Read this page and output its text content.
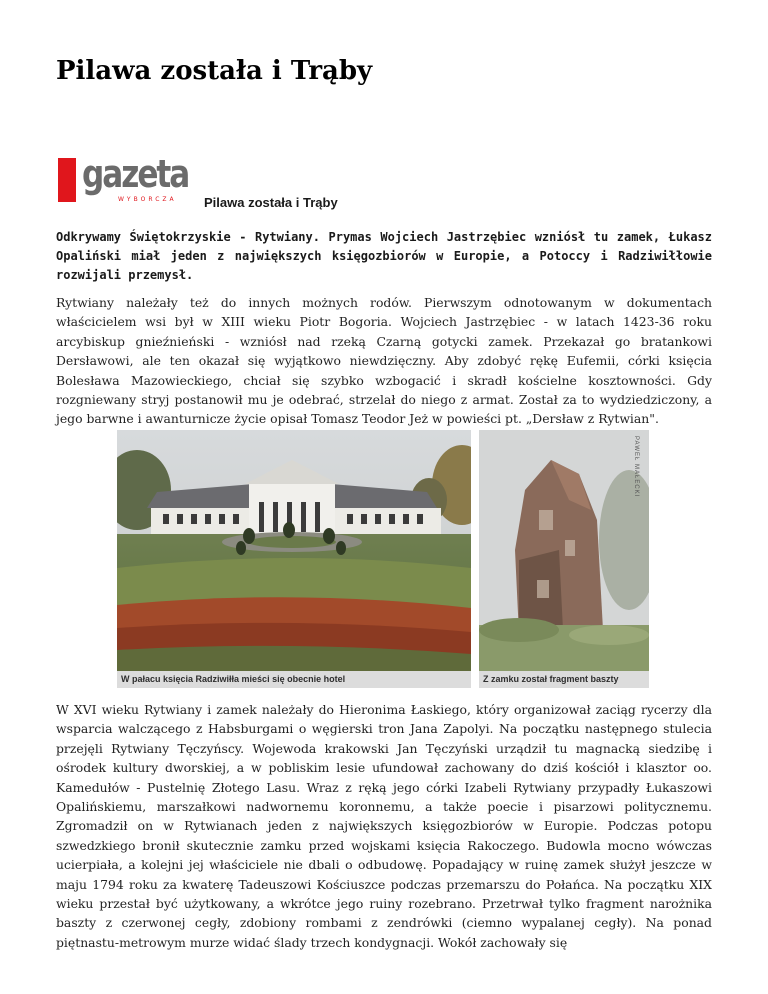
Pilawa została i Trąby
gazeta
WYBORCZA Pilawa została i Trąby

Odkrywamy Świętokrzyskie - Rytwiany. Prymas Wojciech Jastrzębiec wzniósł tu zamek, Łukasz Opaliński miał jeden z największych księgozbiorów w Europie, a Potoccy i Radziwiłłowie rozwijali przemysł.

Rytwiany należały też do innych możnych rodów. Pierwszym odnotowanym w dokumentach właścicielem wsi był w XIII wieku Piotr Bogoria. Wojciech Jastrzębiec - w latach 1423-36 roku arcybiskup gnieźnieński - wzniósł nad rzeką Czarną gotycki zamek. Przekazał go bratankowi Dersławowi, ale ten okazał się wyjątkowo niewdzięczny. Aby zdobyć rękę Eufemii, córki księcia Bolesława Mazowieckiego, chciał się szybko wzbogacić i skradł kościelne kosztowności. Gdy rozgniewany stryj postanowił mu je odebrać, strzelał do niego z armat. Został za to wydziedziczony, a jego barwne i awanturnicze życie opisał Tomasz Teodor Jeż w powieści pt. „Dersław z Rytwian".

W pałacu księcia Radziwiłła mieści się obecnie hotel
PAWEŁ MAŁECKI
Z zamku został fragment baszty

W XVI wieku Rytwiany i zamek należały do Hieronima Łaskiego, który organizował zaciąg rycerzy dla wsparcia walczącego z Habsburgami o węgierski tron Jana Zapolyi. Na początku następnego stulecia przejęli Rytwiany Tęczyńscy. Wojewoda krakowski Jan Tęczyński urządził tu magnacką siedzibę i ośrodek kultury dworskiej, a w pobliskim lesie ufundował zachowany do dziś kościół i klasztor oo. Kamedułów - Pustelnię Złotego Lasu. Wraz z ręką jego córki Izabeli Rytwiany przypadły Łukaszowi Opalińskiemu, marszałkowi nadwornemu koronnemu, a także poecie i pisarzowi politycznemu. Zgromadził on w Rytwianach jeden z największych księgozbiorów w Europie. Podczas potopu szwedzkiego bronił skutecznie zamku przed wojskami księcia Rakoczego. Budowla mocno wówczas ucierpiała, a kolejni jej właściciele nie dbali o odbudowę. Popadający w ruinę zamek służył jeszcze w maju 1794 roku za kwaterę Tadeuszowi Kościuszce podczas przemarszu do Połańca. Na początku XIX wieku przestał być użytkowany, a wkrótce jego ruiny rozebrano. Przetrwał tylko fragment narożnika baszty z czerwonej cegły, zdobiony rombami z zendrówki (ciemno wypalanej cegły). Na ponad piętnastu-metrowym murze widać ślady trzech kondygnacji. Wokół zachowały się
